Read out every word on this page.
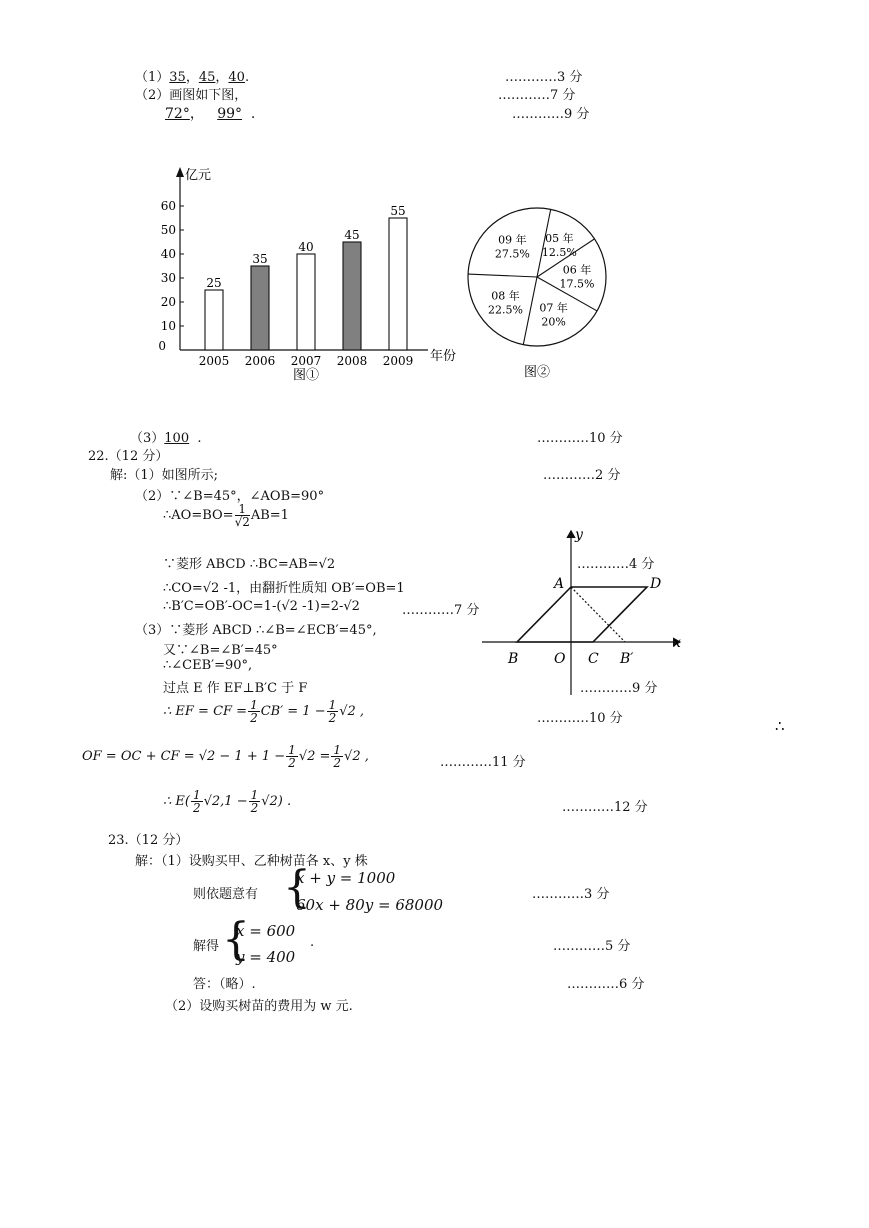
（1）35，45，40.	…………3 分
（2）画图如下图，	…………7 分
72°， 99° .	…………9 分
亿元
年份
0
10
20
30
40
50
60
25
2005
35
2006
40
2007
45
2008
55
2009
图①
05 年
12.5%
06 年
17.5%
07 年
20%
08 年
22.5%
09 年
27.5%
图②
（3）100 .	…………10 分
22.（12 分）
解:（1）如图所示;	…………2 分
（2）∵∠B=45°，∠AOB=90°
∴AO=BO= $\frac{1}{√2} AB=1$
∵菱形 ABCD ∴BC=AB=√2
∴CO=√2 -1，由翻折性质知 OB′=OB=1
∴B′C=OB′-OC=1-(√2 -1)=2-√2	…………7 分
（3）∵菱形 ABCD ∴∠B=∠ECB′=45°,
又∵∠B=∠B′=45°
∴∠CEB′=90°,
过点 E 作 EF⊥B′C 于 F
∴ EF = CF = $\frac{1}{2} CB' = 1 - \frac{1}{2} √2$ ,	…………10 分	∴
OF = OC + CF = $√2 - 1 + 1 - \frac{1}{2} √2 = \frac{1}{2} √2$ ,	…………11 分
∴ $E( \frac{1}{2} √2,1 - \frac{1}{2} √2)$ .	…………12 分
y
x
A	D
B	O C B′
…………4 分
…………9 分
23.（12 分）
解：（1）设购买甲、乙种树苗各 x、y 株
则依题意有 {
x + y = 1000
60x + 80y = 68000
…………3 分
解得 {
x = 600
y = 400
.	…………5 分
答：（略）.	…………6 分
（2）设购买树苗的费用为 w 元.
